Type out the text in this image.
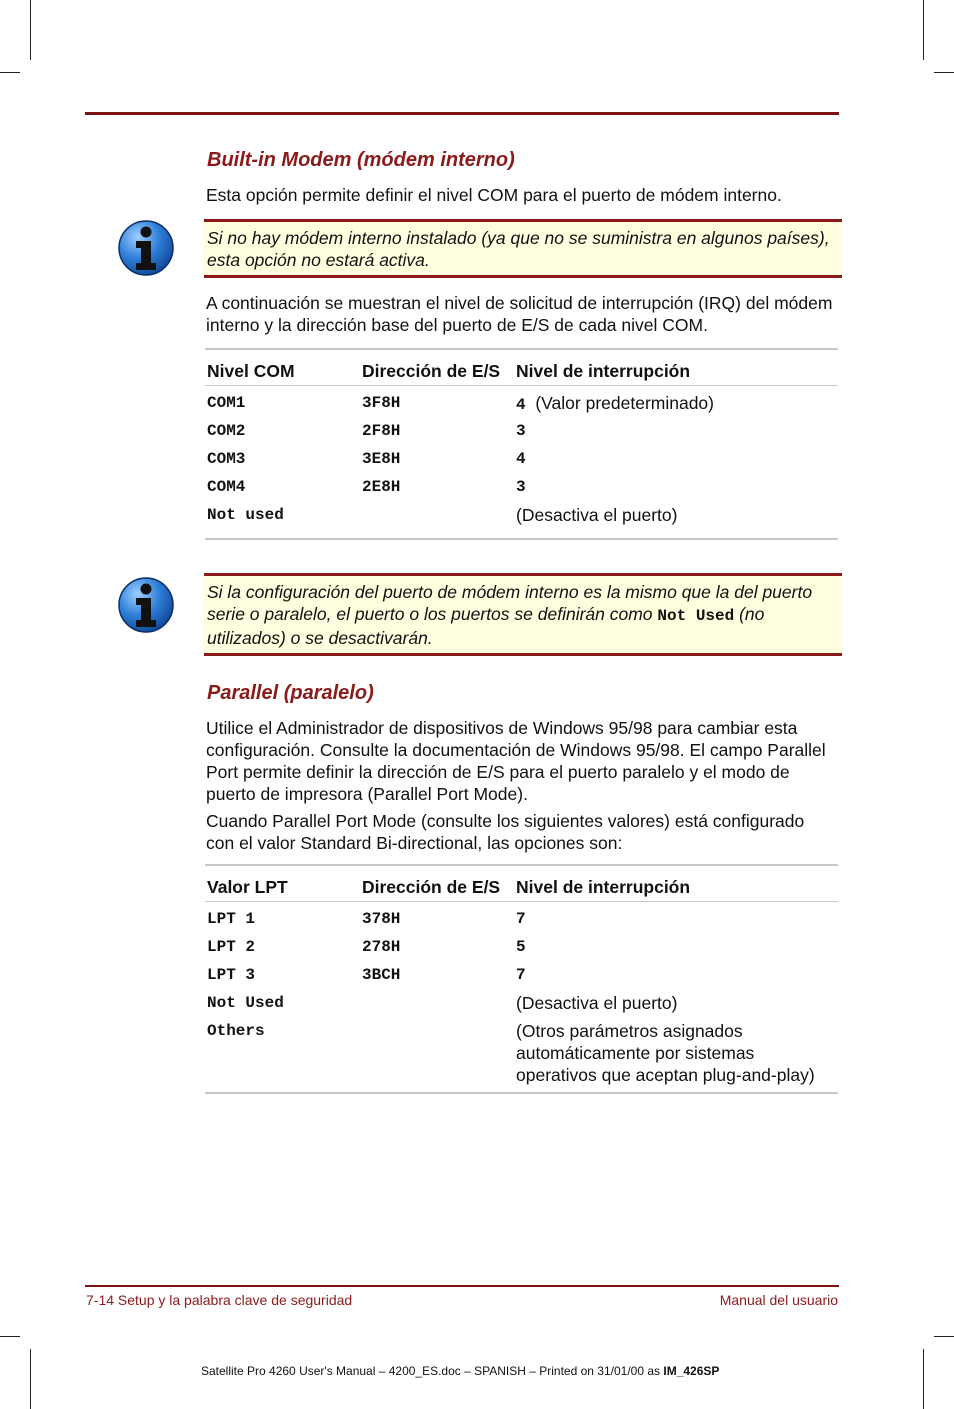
Built-in Modem (módem interno)

Esta opción permite definir el nivel COM para el puerto de módem interno.

Si no hay módem interno instalado (ya que no se suministra en algunos países), esta opción no estará activa.

A continuación se muestran el nivel de solicitud de interrupción (IRQ) del módem interno y la dirección base del puerto de E/S de cada nivel COM.

Nivel COM	Dirección de E/S	Nivel de interrupción
COM1	3F8H	4 (Valor predeterminado)
COM2	2F8H	3
COM3	3E8H	4
COM4	2E8H	3
Not used		(Desactiva el puerto)
Si la configuración del puerto de módem interno es la mismo que la del puerto serie o paralelo, el puerto o los puertos se definirán como Not Used (no utilizados) o se desactivarán.
Parallel (paralelo)

Utilice el Administrador de dispositivos de Windows 95/98 para cambiar esta configuración. Consulte la documentación de Windows 95/98. El campo Parallel Port permite definir la dirección de E/S para el puerto paralelo y el modo de puerto de impresora (Parallel Port Mode).

Cuando Parallel Port Mode (consulte los siguientes valores) está configurado con el valor Standard Bi-directional, las opciones son:

Valor LPT	Dirección de E/S	Nivel de interrupción
LPT 1	378H	7
LPT 2	278H	5
LPT 3	3BCH	7
Not Used		(Desactiva el puerto)
Others		(Otros parámetros asignados automáticamente por sistemas operativos que aceptan plug-and-play)
7-14 Setup y la palabra clave de seguridad	Manual del usuario
Satellite Pro 4260 User's Manual – 4200_ES.doc – SPANISH – Printed on 31/01/00 as IM_426SP
